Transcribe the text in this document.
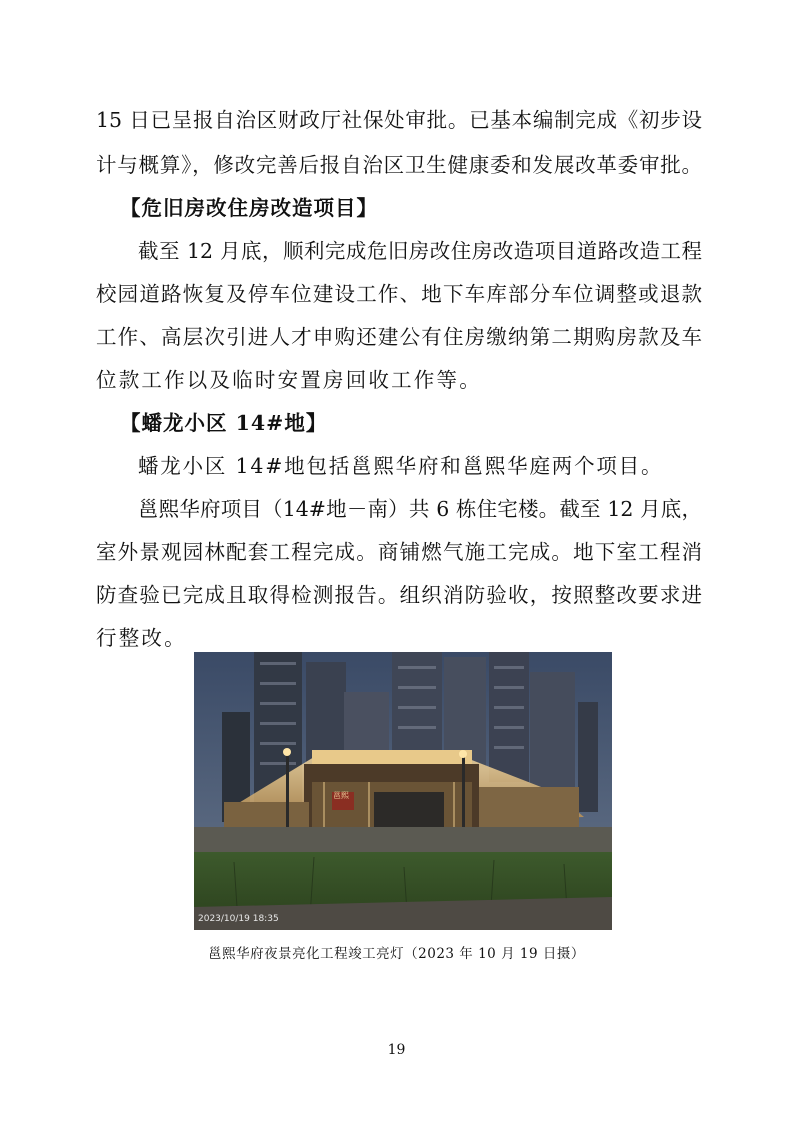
15 日已呈报自治区财政厅社保处审批。已基本编制完成《初步设
计与概算》，修改完善后报自治区卫生健康委和发展改革委审批。
【危旧房改住房改造项目】
截至 12 月底，顺利完成危旧房改住房改造项目道路改造工程
校园道路恢复及停车位建设工作、地下车库部分车位调整或退款
工作、高层次引进人才申购还建公有住房缴纳第二期购房款及车
位款工作以及临时安置房回收工作等。
【蟠龙小区 14#地】
蟠龙小区 14#地包括邕熙华府和邕熙华庭两个项目。
邕熙华府项目（14#地－南）共 6 栋住宅楼。截至 12 月底，
室外景观园林配套工程完成。商铺燃气施工完成。地下室工程消
防查验已完成且取得检测报告。组织消防验收，按照整改要求进
行整改。
2023/10/19 18:35
邕熙
邕熙华府夜景亮化工程竣工亮灯（2023 年 10 月 19 日摄）
19
